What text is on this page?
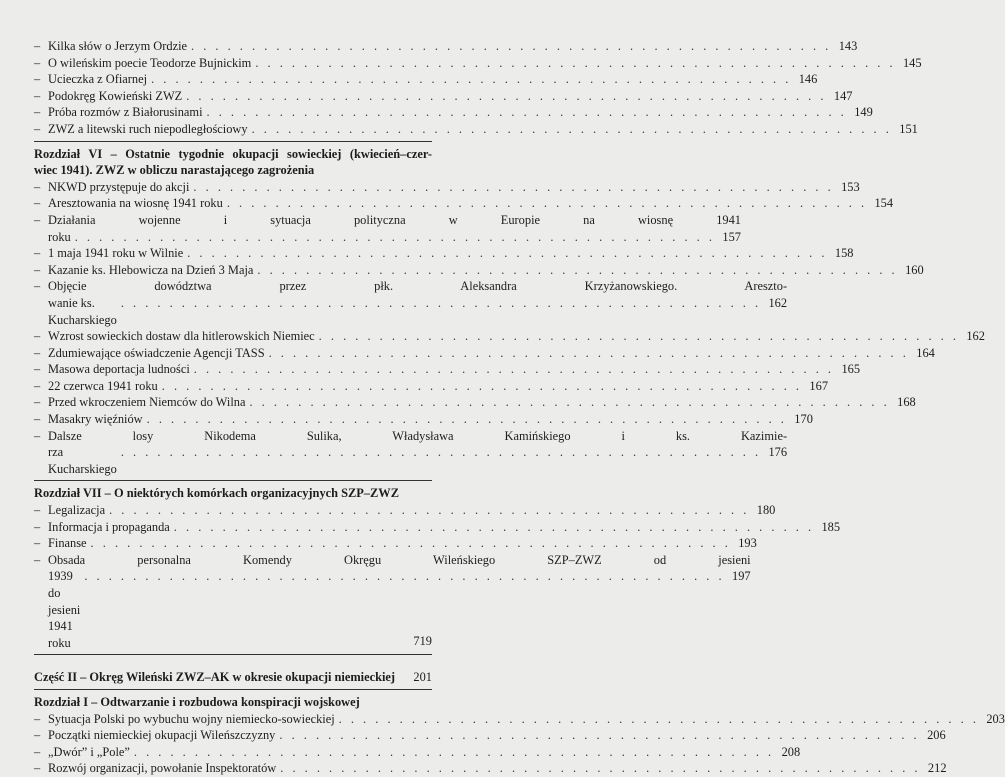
– Kilka słów o Jerzym Ordzie . . . . . . . . . . . . . . . . . . . . . . . . . . . . . . . . . . . . . . . . . . . . . . . . . . . . . 143
– O wileńskim poecie Teodorze Bujnickim . . . . . . . . . . . . . . . . . . . . . . . . . . . . . . . . . . . . . . . . . . . . . . . . . . . . . 145
– Ucieczka z Ofiarnej . . . . . . . . . . . . . . . . . . . . . . . . . . . . . . . . . . . . . . . . . . . . . . . . . . . . . 146
– Podokręg Kowieński ZWZ . . . . . . . . . . . . . . . . . . . . . . . . . . . . . . . . . . . . . . . . . . . . . . . . . . . . . 147
– Próba rozmów z Białorusinami . . . . . . . . . . . . . . . . . . . . . . . . . . . . . . . . . . . . . . . . . . . . . . . . . . . . . 149
– ZWZ a litewski ruch niepodległościowy . . . . . . . . . . . . . . . . . . . . . . . . . . . . . . . . . . . . . . . . . . . . . . . . . . . . . 151
Rozdział VI – Ostatnie tygodnie okupacji sowieckiej (kwiecień–czer-
wiec 1941). ZWZ w obliczu narastającego zagrożenia
– NKWD przystępuje do akcji . . . . . . . . . . . . . . . . . . . . . . . . . . . . . . . . . . . . . . . . . . . . . . . . . . . . . 153
– Aresztowania na wiosnę 1941 roku . . . . . . . . . . . . . . . . . . . . . . . . . . . . . . . . . . . . . . . . . . . . . . . . . . . . . 154
– Działania wojenne i sytuacja polityczna w Europie na wiosnę 1941
roku . . . . . . . . . . . . . . . . . . . . . . . . . . . . . . . . . . . . . . . . . . . . . . . . . . . . . 157
– 1 maja 1941 roku w Wilnie . . . . . . . . . . . . . . . . . . . . . . . . . . . . . . . . . . . . . . . . . . . . . . . . . . . . . 158
– Kazanie ks. Hlebowicza na Dzień 3 Maja . . . . . . . . . . . . . . . . . . . . . . . . . . . . . . . . . . . . . . . . . . . . . . . . . . . . . 160
– Objęcie dowództwa przez płk. Aleksandra Krzyżanowskiego. Areszto-
wanie ks. Kucharskiego
. . . . . . . . . . . . . . . . . . . . . . . . . . . . . . . . . . . . . . . . . . . . . . . . . . . . . 162
– Wzrost sowieckich dostaw dla hitlerowskich Niemiec . . . . . . . . . . . . . . . . . . . . . . . . . . . . . . . . . . . . . . . . . . . . . . . . . . . . . 162
– Zdumiewające oświadczenie Agencji TASS . . . . . . . . . . . . . . . . . . . . . . . . . . . . . . . . . . . . . . . . . . . . . . . . . . . . . 164
– Masowa deportacja ludności . . . . . . . . . . . . . . . . . . . . . . . . . . . . . . . . . . . . . . . . . . . . . . . . . . . . . 165
– 22 czerwca 1941 roku . . . . . . . . . . . . . . . . . . . . . . . . . . . . . . . . . . . . . . . . . . . . . . . . . . . . . 167
– Przed wkroczeniem Niemców do Wilna . . . . . . . . . . . . . . . . . . . . . . . . . . . . . . . . . . . . . . . . . . . . . . . . . . . . . 168
– Masakry więźniów . . . . . . . . . . . . . . . . . . . . . . . . . . . . . . . . . . . . . . . . . . . . . . . . . . . . . 170
– Dalsze losy Nikodema Sulika, Władysława Kamińskiego i ks. Kazimie-
rza Kucharskiego
. . . . . . . . . . . . . . . . . . . . . . . . . . . . . . . . . . . . . . . . . . . . . . . . . . . . . 176
Rozdział VII – O niektórych komórkach organizacyjnych SZP–ZWZ
– Legalizacja . . . . . . . . . . . . . . . . . . . . . . . . . . . . . . . . . . . . . . . . . . . . . . . . . . . . . 180
– Informacja i propaganda . . . . . . . . . . . . . . . . . . . . . . . . . . . . . . . . . . . . . . . . . . . . . . . . . . . . . 185
– Finanse . . . . . . . . . . . . . . . . . . . . . . . . . . . . . . . . . . . . . . . . . . . . . . . . . . . . . 193
– Obsada personalna Komendy Okręgu Wileńskiego SZP–ZWZ od jesieni
1939 do jesieni 1941 roku
. . . . . . . . . . . . . . . . . . . . . . . . . . . . . . . . . . . . . . . . . . . . . . . . . . . . . 197
Część II – Okręg Wileński ZWZ–AK w okresie okupacji niemieckiej	201
Rozdział I – Odtwarzanie i rozbudowa konspiracji wojskowej
– Sytuacja Polski po wybuchu wojny niemiecko-sowieckiej . . . . . . . . . . . . . . . . . . . . . . . . . . . . . . . . . . . . . . . . . . . . . . . . . . . . . 203
– Początki niemieckiej okupacji Wileńszczyzny . . . . . . . . . . . . . . . . . . . . . . . . . . . . . . . . . . . . . . . . . . . . . . . . . . . . . 206
– „Dwór” i „Pole” . . . . . . . . . . . . . . . . . . . . . . . . . . . . . . . . . . . . . . . . . . . . . . . . . . . . . 208
– Rozwój organizacji, powołanie Inspektoratów . . . . . . . . . . . . . . . . . . . . . . . . . . . . . . . . . . . . . . . . . . . . . . . . . . . . . 212
719
